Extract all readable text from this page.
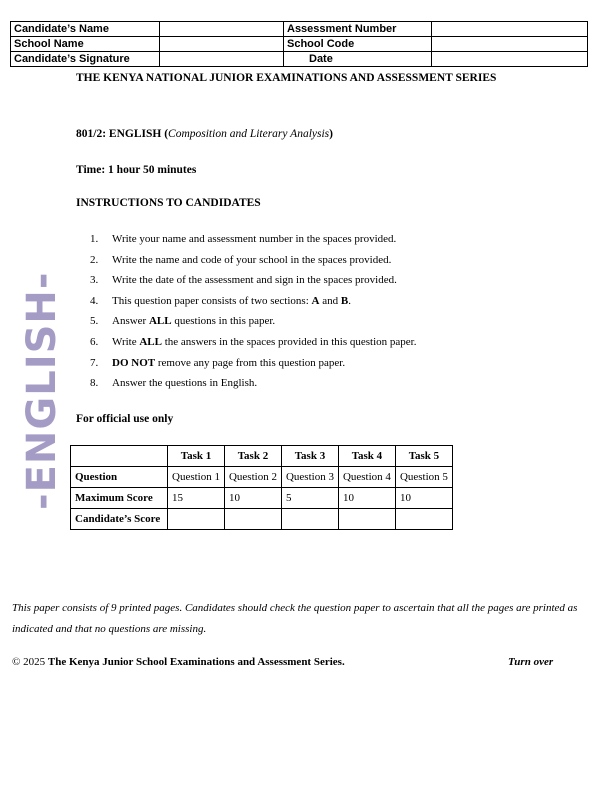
Candidate’s Name		Assessment Number	
School Name		School Code	
Candidate’s Signature		Date	
THE KENYA NATIONAL JUNIOR EXAMINATIONS AND ASSESSMENT SERIES
801/2: ENGLISH (Composition and Literary Analysis)
Time: 1 hour 50 minutes
INSTRUCTIONS TO CANDIDATES
1. Write your name and assessment number in the spaces provided.
2. Write the name and code of your school in the spaces provided.
3. Write the date of the assessment and sign in the spaces provided.
4. This question paper consists of two sections: A and B.
5. Answer ALL questions in this paper.
6. Write ALL the answers in the spaces provided in this question paper.
7. DO NOT remove any page from this question paper.
8. Answer the questions in English.
For official use only
-ENGLISH-
		Task 1	Task 2	Task 3	Task 4	Task 5
Question	Question 1	Question 2	Question 3	Question 4	Question 5
Maximum Score	15	10	5	10	10
Candidate’s Score					
This paper consists of 9 printed pages. Candidates should check the question paper to ascertain that all the pages are printed as indicated and that no questions are missing.
© 2025 The Kenya Junior School Examinations and Assessment Series.	Turn over
